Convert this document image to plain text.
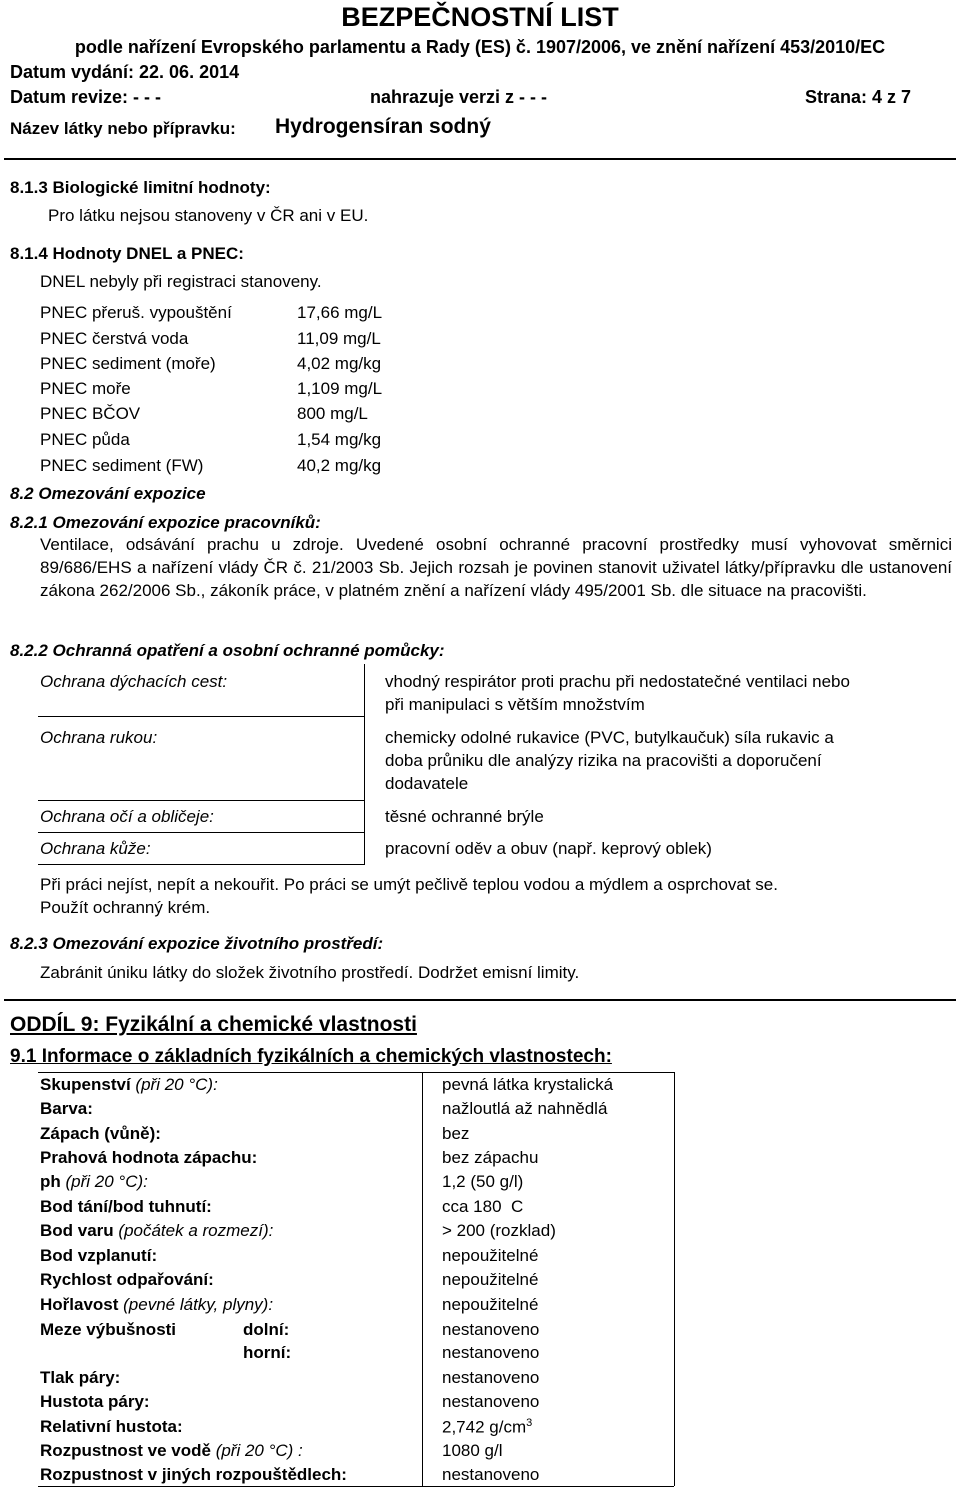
BEZPEČNOSTNÍ LIST
podle nařízení Evropského parlamentu a Rady (ES) č. 1907/2006, ve znění nařízení 453/2010/EC
Datum vydání: 22. 06. 2014
Datum revize: - - -	nahrazuje verzi z - - -	Strana: 4 z 7
Název látky nebo přípravku: Hydrogensíran sodný
8.1.3 Biologické limitní hodnoty:
Pro látku nejsou stanoveny v ČR ani v EU.
8.1.4 Hodnoty DNEL a PNEC:
DNEL nebyly při registraci stanoveny.
PNEC přeruš. vypouštění	17,66 mg/L
PNEC čerstvá voda	11,09 mg/L
PNEC sediment (moře)	4,02 mg/kg
PNEC moře	1,109 mg/L
PNEC BČOV	800 mg/L
PNEC půda	1,54 mg/kg
PNEC sediment (FW)	40,2 mg/kg
8.2 Omezování expozice
8.2.1 Omezování expozice pracovníků:
Ventilace, odsávání prachu u zdroje. Uvedené osobní ochranné pracovní prostředky musí vyhovovat směrnici 89/686/EHS a nařízení vlády ČR č. 21/2003 Sb. Jejich rozsah je povinen stanovit uživatel látky/přípravku dle ustanovení zákona 262/2006 Sb., zákoník práce, v platném znění a nařízení vlády 495/2001 Sb. dle situace na pracovišti.
8.2.2 Ochranná opatření a osobní ochranné pomůcky:
Ochrana dýchacích cest:	vhodný respirátor proti prachu při nedostatečné ventilaci nebo
při manipulaci s větším množstvím
Ochrana rukou:	chemicky odolné rukavice (PVC, butylkaučuk) síla rukavic a
doba průniku dle analýzy rizika na pracovišti a doporučení
dodavatele
Ochrana očí a obličeje:	těsné ochranné brýle
Ochrana kůže:	pracovní oděv a obuv (např. keprový oblek)
Při práci nejíst, nepít a nekouřit. Po práci se umýt pečlivě teplou vodou a mýdlem a osprchovat se.
Použít ochranný krém.
8.2.3 Omezování expozice životního prostředí:
Zabránit úniku látky do složek životního prostředí. Dodržet emisní limity.
ODDÍL 9: Fyzikální a chemické vlastnosti
9.1 Informace o základních fyzikálních a chemických vlastnostech:
Skupenství (při 20 °C):	pevná látka krystalická
Barva:	nažloutlá až nahnědlá
Zápach (vůně):	bez
Prahová hodnota zápachu:	bez zápachu
ph (při 20 °C):	1,2 (50 g/l)
Bod tání/bod tuhnutí:	cca 180  C
Bod varu (počátek a rozmezí):	> 200 (rozklad)
Bod vzplanutí:	nepoužitelné
Rychlost odpařování:	nepoužitelné
Hořlavost (pevné látky, plyny):	nepoužitelné
Meze výbušnosti	dolní:	nestanoveno
horní:	nestanoveno
Tlak páry:	nestanoveno
Hustota páry:	nestanoveno
Relativní hustota:	2,742 $g/cm^3$
Rozpustnost ve vodě (při 20 °C) :	1080 g/l
Rozpustnost v jiných rozpouštědlech:	nestanoveno
